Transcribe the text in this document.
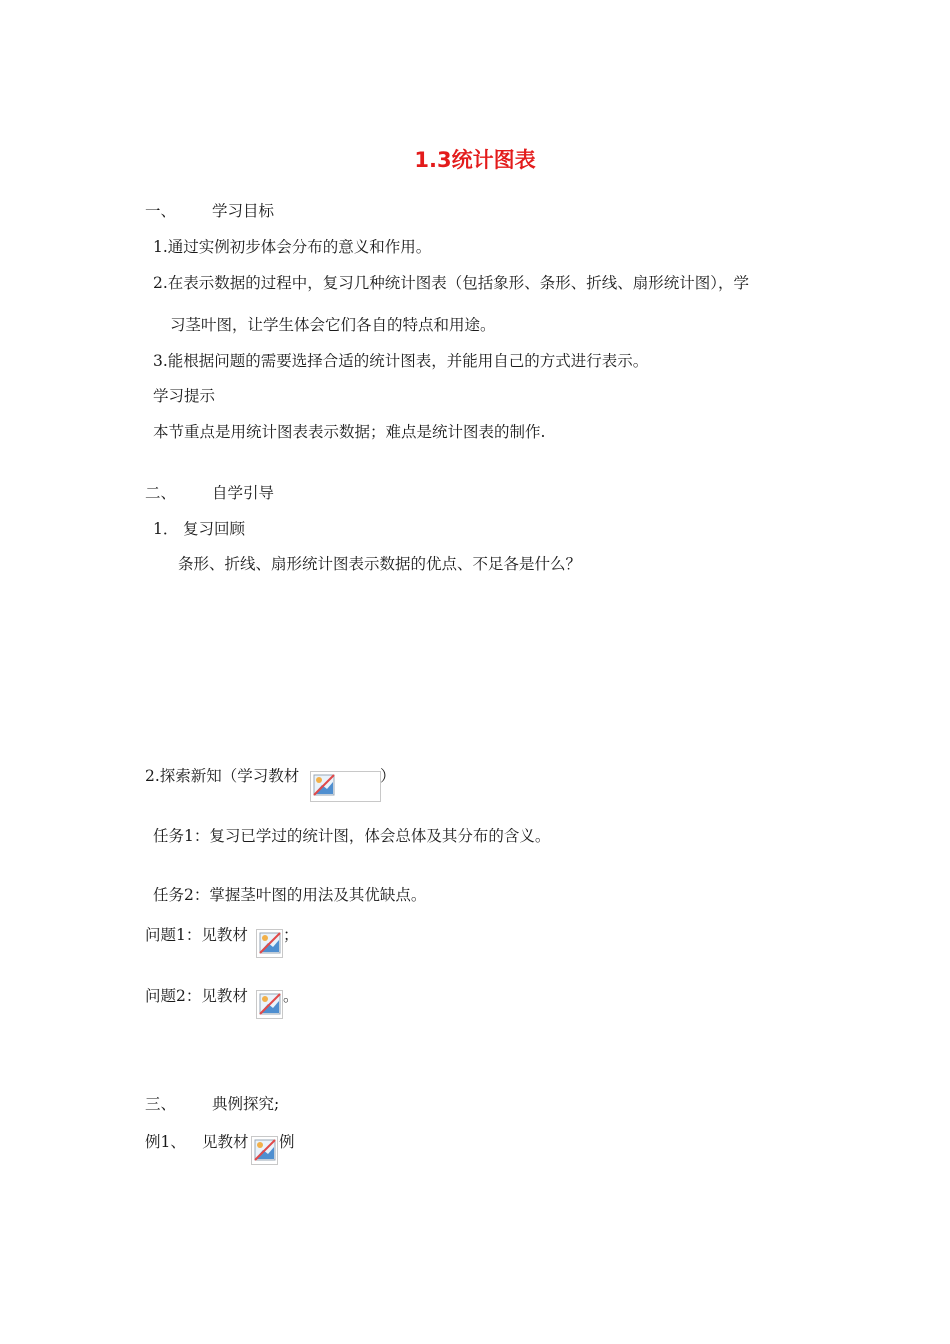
1.3统计图表
一、 学习目标
1.通过实例初步体会分布的意义和作用。
2.在表示数据的过程中，复习几种统计图表（包括象形、条形、折线、扇形统计图），学
习茎叶图，让学生体会它们各自的特点和用途。
3.能根据问题的需要选择合适的统计图表，并能用自己的方式进行表示。
学习提示
本节重点是用统计图表表示数据；难点是统计图表的制作.
二、 自学引导
1． 复习回顾
条形、折线、扇形统计图表示数据的优点、不足各是什么？
2.探索新知（学习教材	）
任务1：复习已学过的统计图，体会总体及其分布的含义。
任务2：掌握茎叶图的用法及其优缺点。
问题1：见教材 ；
问题2：见教材 。
三、 典例探究;
例1、 见教材 例
